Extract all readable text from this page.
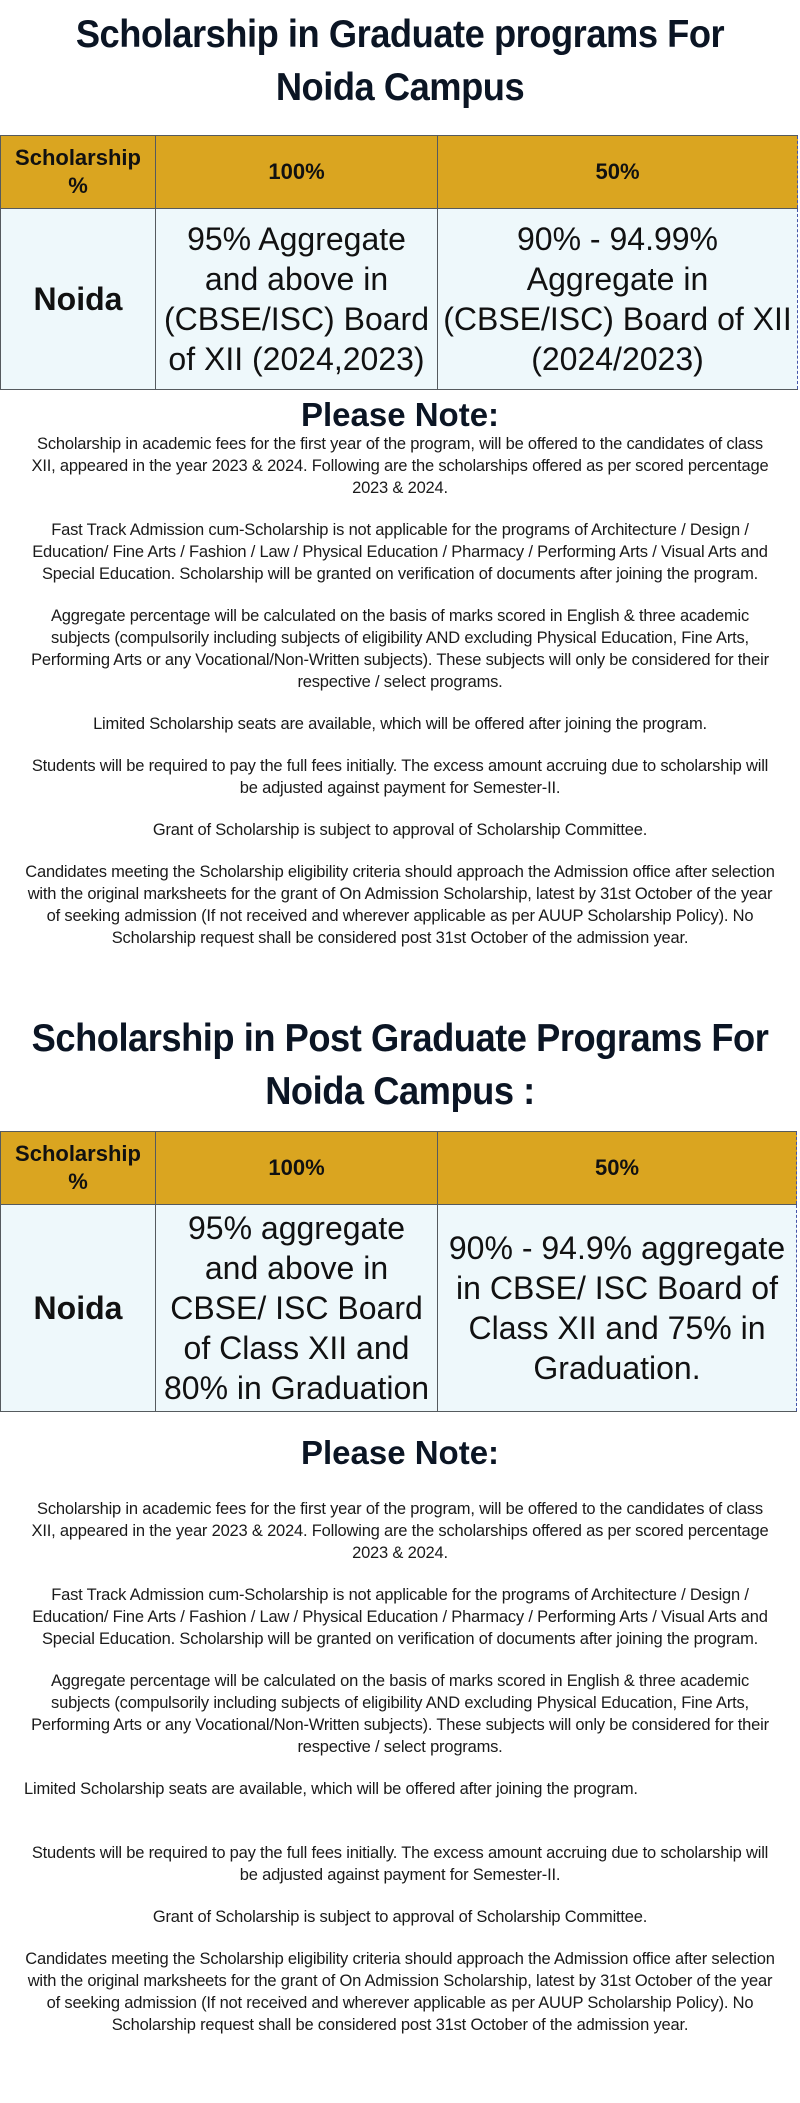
Scholarship in Graduate programs For Noida Campus
Scholarship %	100%	50%
Noida	95% Aggregate and above in (CBSE/ISC) Board of XII (2024,2023)	90% - 94.99% Aggregate in (CBSE/ISC) Board of XII (2024/2023)
Please Note:

Scholarship in academic fees for the first year of the program, will be offered to the candidates of class XII, appeared in the year 2023 & 2024. Following are the scholarships offered as per scored percentage 2023 & 2024.

Fast Track Admission cum-Scholarship is not applicable for the programs of Architecture / Design / Education/ Fine Arts / Fashion / Law / Physical Education / Pharmacy / Performing Arts / Visual Arts and Special Education. Scholarship will be granted on verification of documents after joining the program.

Aggregate percentage will be calculated on the basis of marks scored in English & three academic subjects (compulsorily including subjects of eligibility AND excluding Physical Education, Fine Arts, Performing Arts or any Vocational/Non-Written subjects). These subjects will only be considered for their respective / select programs.

Limited Scholarship seats are available, which will be offered after joining the program.

Students will be required to pay the full fees initially. The excess amount accruing due to scholarship will be adjusted against payment for Semester-II.

Grant of Scholarship is subject to approval of Scholarship Committee.

Candidates meeting the Scholarship eligibility criteria should approach the Admission office after selection with the original marksheets for the grant of On Admission Scholarship, latest by 31st October of the year of seeking admission (If not received and wherever applicable as per AUUP Scholarship Policy). No Scholarship request shall be considered post 31st October of the admission year.

Scholarship in Post Graduate Programs For Noida Campus :
Scholarship %	100%	50%
Noida	95% aggregate and above in CBSE/ ISC Board of Class XII and 80% in Graduation	90% - 94.9% aggregate in CBSE/ ISC Board of Class XII and 75% in Graduation.
Please Note:

Scholarship in academic fees for the first year of the program, will be offered to the candidates of class XII, appeared in the year 2023 & 2024. Following are the scholarships offered as per scored percentage 2023 & 2024.

Fast Track Admission cum-Scholarship is not applicable for the programs of Architecture / Design / Education/ Fine Arts / Fashion / Law / Physical Education / Pharmacy / Performing Arts / Visual Arts and Special Education. Scholarship will be granted on verification of documents after joining the program.

Aggregate percentage will be calculated on the basis of marks scored in English & three academic subjects (compulsorily including subjects of eligibility AND excluding Physical Education, Fine Arts, Performing Arts or any Vocational/Non-Written subjects). These subjects will only be considered for their respective / select programs.

Limited Scholarship seats are available, which will be offered after joining the program.

Students will be required to pay the full fees initially. The excess amount accruing due to scholarship will be adjusted against payment for Semester-II.

Grant of Scholarship is subject to approval of Scholarship Committee.

Candidates meeting the Scholarship eligibility criteria should approach the Admission office after selection with the original marksheets for the grant of On Admission Scholarship, latest by 31st October of the year of seeking admission (If not received and wherever applicable as per AUUP Scholarship Policy). No Scholarship request shall be considered post 31st October of the admission year.
